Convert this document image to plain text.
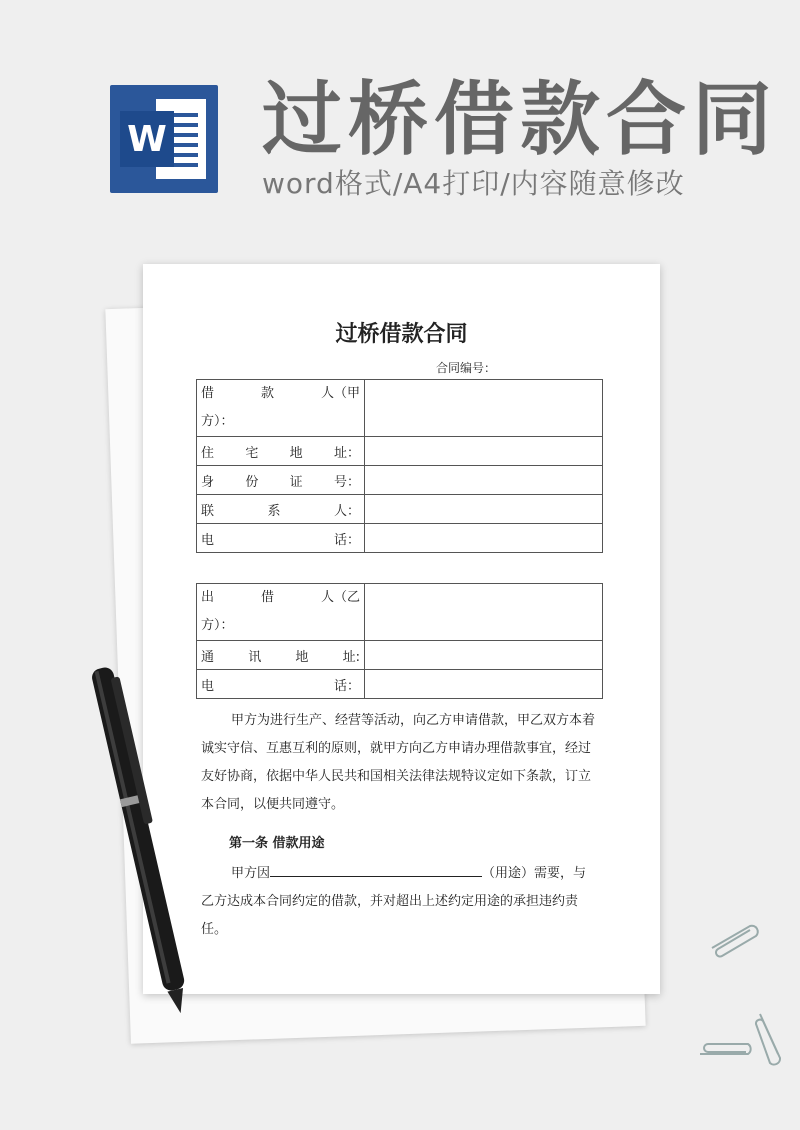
W 过桥借款合同

word格式/A4打印/内容随意修改

过桥借款合同
合同编号：
借 款 人（甲
方）：	

住 宅 地 址：	

身 份 证 号：	

联 系 人：	

电 话：	

出 借 人（乙
方）：	

通 讯 地 址:	

电 话：	

甲方为进行生产、经营等活动，向乙方申请借款，甲乙双方本着诚实守信、互惠互利的原则，就甲方向乙方申请办理借款事宜，经过友好协商，依据中华人民共和国相关法律法规特议定如下条款，订立本合同，以便共同遵守。

第一条 借款用途

甲方因	（用途）需要，与乙方达成本合同约定的借款，并对超出上述约定用途的承担违约责任。
